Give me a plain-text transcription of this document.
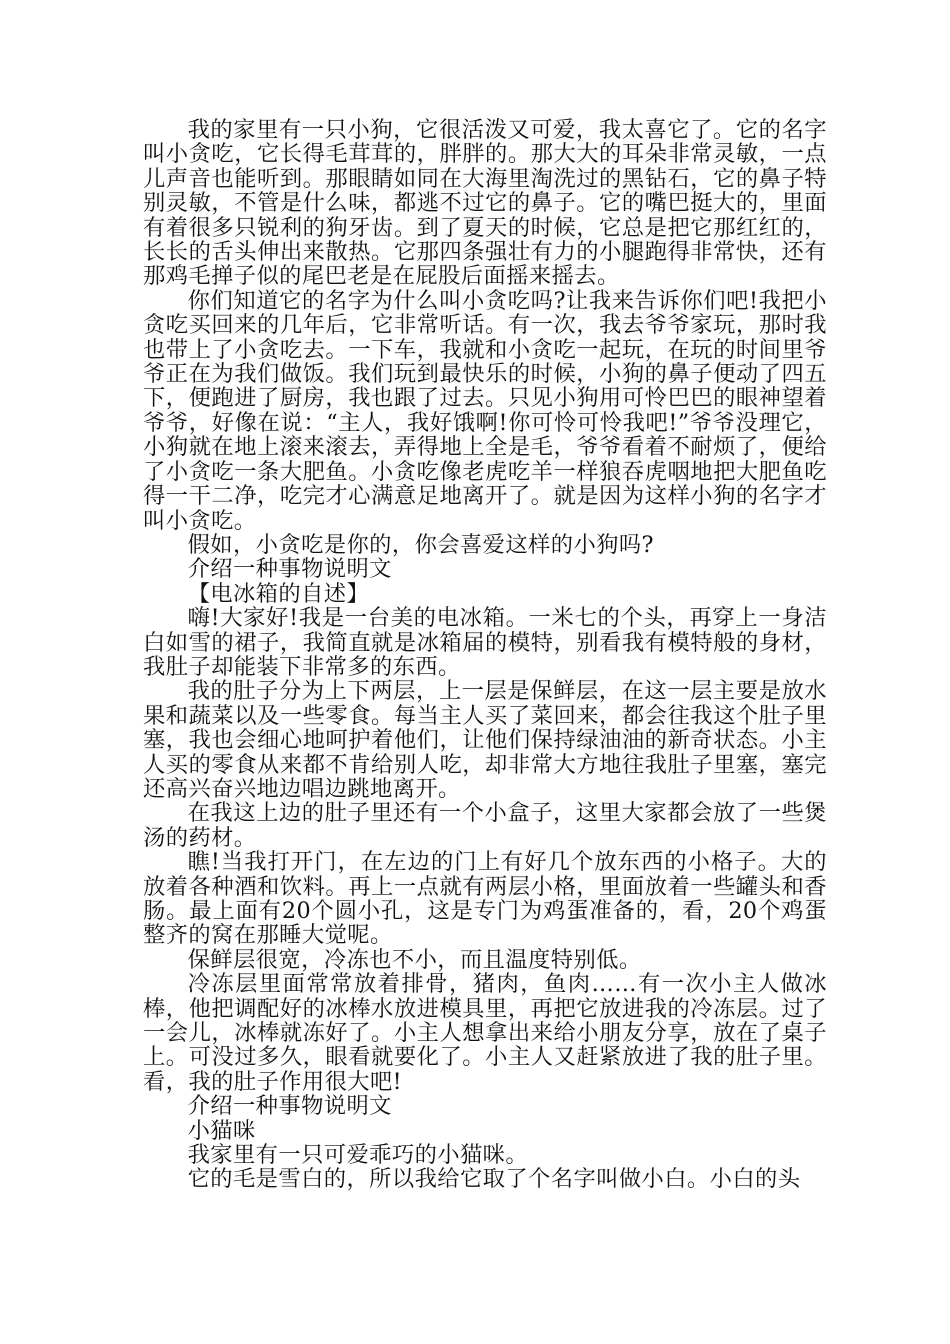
我的家里有一只小狗，它很活泼又可爱，我太喜它了。它的名字叫小贪吃，它长得毛茸茸的，胖胖的。那大大的耳朵非常灵敏，一点儿声音也能听到。那眼睛如同在大海里淘洗过的黑钻石，它的鼻子特别灵敏，不管是什么味，都逃不过它的鼻子。它的嘴巴挺大的，里面有着很多只锐利的狗牙齿。到了夏天的时候，它总是把它那红红的，长长的舌头伸出来散热。它那四条强壮有力的小腿跑得非常快，还有那鸡毛掸子似的尾巴老是在屁股后面摇来摇去。

你们知道它的名字为什么叫小贪吃吗?让我来告诉你们吧!我把小贪吃买回来的几年后，它非常听话。有一次，我去爷爷家玩，那时我也带上了小贪吃去。一下车，我就和小贪吃一起玩，在玩的时间里爷爷正在为我们做饭。我们玩到最快乐的时候，小狗的鼻子便动了四五下，便跑进了厨房，我也跟了过去。只见小狗用可怜巴巴的眼神望着爷爷，好像在说：“主人，我好饿啊!你可怜可怜我吧!”爷爷没理它，小狗就在地上滚来滚去，弄得地上全是毛，爷爷看着不耐烦了，便给了小贪吃一条大肥鱼。小贪吃像老虎吃羊一样狼吞虎咽地把大肥鱼吃得一干二净，吃完才心满意足地离开了。就是因为这样小狗的名字才叫小贪吃。

假如，小贪吃是你的，你会喜爱这样的小狗吗?

介绍一种事物说明文

【电冰箱的自述】

嗨!大家好!我是一台美的电冰箱。一米七的个头，再穿上一身洁白如雪的裙子，我简直就是冰箱届的模特，别看我有模特般的身材，我肚子却能装下非常多的东西。

我的肚子分为上下两层，上一层是保鲜层，在这一层主要是放水果和蔬菜以及一些零食。每当主人买了菜回来，都会往我这个肚子里塞，我也会细心地呵护着他们，让他们保持绿油油的新奇状态。小主人买的零食从来都不肯给别人吃，却非常大方地往我肚子里塞，塞完还高兴奋兴地边唱边跳地离开。

在我这上边的肚子里还有一个小盒子，这里大家都会放了一些煲汤的药材。

瞧!当我打开门，在左边的门上有好几个放东西的小格子。大的放着各种酒和饮料。再上一点就有两层小格，里面放着一些罐头和香肠。最上面有20个圆小孔，这是专门为鸡蛋准备的，看，20个鸡蛋整齐的窝在那睡大觉呢。

保鲜层很宽，冷冻也不小，而且温度特别低。

冷冻层里面常常放着排骨，猪肉，鱼肉……有一次小主人做冰棒，他把调配好的冰棒水放进模具里，再把它放进我的冷冻层。过了一会儿，冰棒就冻好了。小主人想拿出来给小朋友分享，放在了桌子上。可没过多久，眼看就要化了。小主人又赶紧放进了我的肚子里。看，我的肚子作用很大吧!

介绍一种事物说明文

小猫咪

我家里有一只可爱乖巧的小猫咪。

它的毛是雪白的，所以我给它取了个名字叫做小白。小白的头
